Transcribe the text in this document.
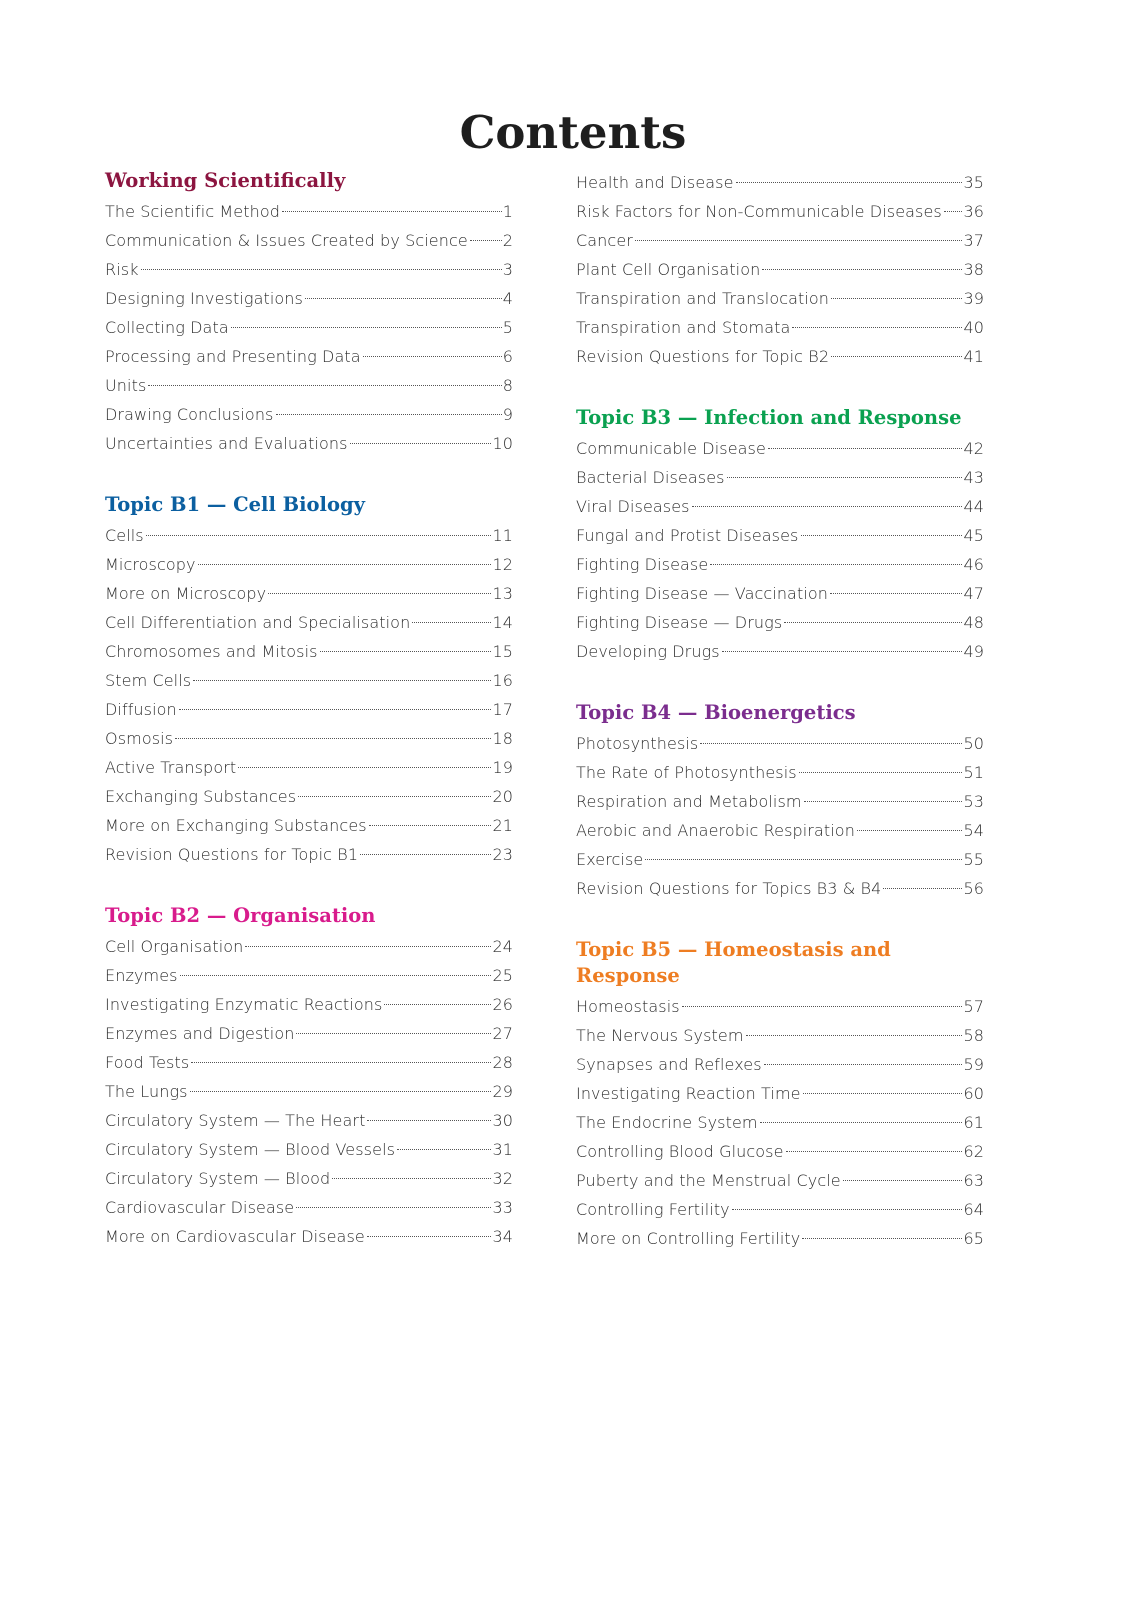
Contents
Working Scientifically
The Scientific Method	1
Communication & Issues Created by Science 2
Risk	3
Designing Investigations	4
Collecting Data	5
Processing and Presenting Data	6
Units	8
Drawing Conclusions	9
Uncertainties and Evaluations	10
Topic B1 — Cell Biology
Cells	11
Microscopy	12
More on Microscopy	13
Cell Differentiation and Specialisation	14
Chromosomes and Mitosis	15
Stem Cells	16
Diffusion	17
Osmosis	18
Active Transport	19
Exchanging Substances	20
More on Exchanging Substances	21
Revision Questions for Topic B1	23
Topic B2 — Organisation
Cell Organisation	24
Enzymes	25
Investigating Enzymatic Reactions	26
Enzymes and Digestion	27
Food Tests	28
The Lungs	29
Circulatory System — The Heart	30
Circulatory System — Blood Vessels	31
Circulatory System — Blood	32
Cardiovascular Disease	33
More on Cardiovascular Disease	34
Health and Disease	35
Risk Factors for Non-Communicable Diseases 36
Cancer	37
Plant Cell Organisation	38
Transpiration and Translocation	39
Transpiration and Stomata	40
Revision Questions for Topic B2	41
Topic B3 — Infection and Response
Communicable Disease	42
Bacterial Diseases	43
Viral Diseases	44
Fungal and Protist Diseases	45
Fighting Disease	46
Fighting Disease — Vaccination	47
Fighting Disease — Drugs	48
Developing Drugs	49
Topic B4 — Bioenergetics
Photosynthesis	50
The Rate of Photosynthesis	51
Respiration and Metabolism	53
Aerobic and Anaerobic Respiration	54
Exercise	55
Revision Questions for Topics B3 & B4	56
Topic B5 — Homeostasis and Response
Homeostasis	57
The Nervous System	58
Synapses and Reflexes	59
Investigating Reaction Time	60
The Endocrine System	61
Controlling Blood Glucose	62
Puberty and the Menstrual Cycle	63
Controlling Fertility	64
More on Controlling Fertility	65
